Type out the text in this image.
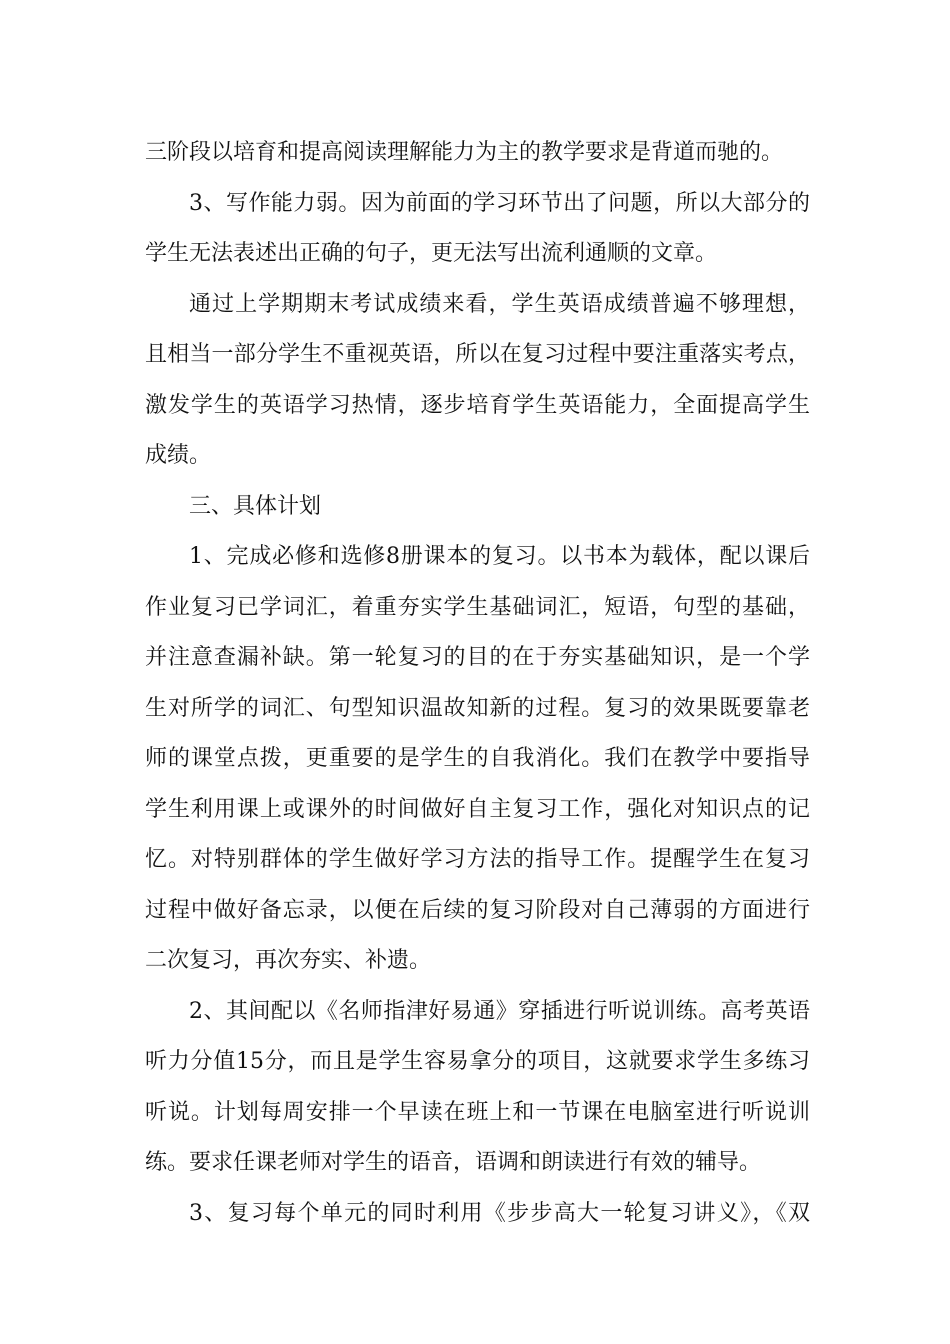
三阶段以培育和提高阅读理解能力为主的教学要求是背道而驰的。
3、写作能力弱。因为前面的学习环节出了问题，所以大部分的
学生无法表述出正确的句子，更无法写出流利通顺的文章。
通过上学期期末考试成绩来看，学生英语成绩普遍不够理想，
且相当一部分学生不重视英语，所以在复习过程中要注重落实考点，
激发学生的英语学习热情，逐步培育学生英语能力，全面提高学生
成绩。
三、具体计划
1、完成必修和选修8册课本的复习。以书本为载体，配以课后
作业复习已学词汇，着重夯实学生基础词汇，短语，句型的基础，
并注意查漏补缺。第一轮复习的目的在于夯实基础知识，是一个学
生对所学的词汇、句型知识温故知新的过程。复习的效果既要靠老
师的课堂点拨，更重要的是学生的自我消化。我们在教学中要指导
学生利用课上或课外的时间做好自主复习工作，强化对知识点的记
忆。对特别群体的学生做好学习方法的指导工作。提醒学生在复习
过程中做好备忘录，以便在后续的复习阶段对自己薄弱的方面进行
二次复习，再次夯实、补遗。
2、其间配以《名师指津好易通》穿插进行听说训练。高考英语
听力分值15分，而且是学生容易拿分的项目，这就要求学生多练习
听说。计划每周安排一个早读在班上和一节课在电脑室进行听说训
练。要求任课老师对学生的语音，语调和朗读进行有效的辅导。
3、复习每个单元的同时利用《步步高大一轮复习讲义》，《双
